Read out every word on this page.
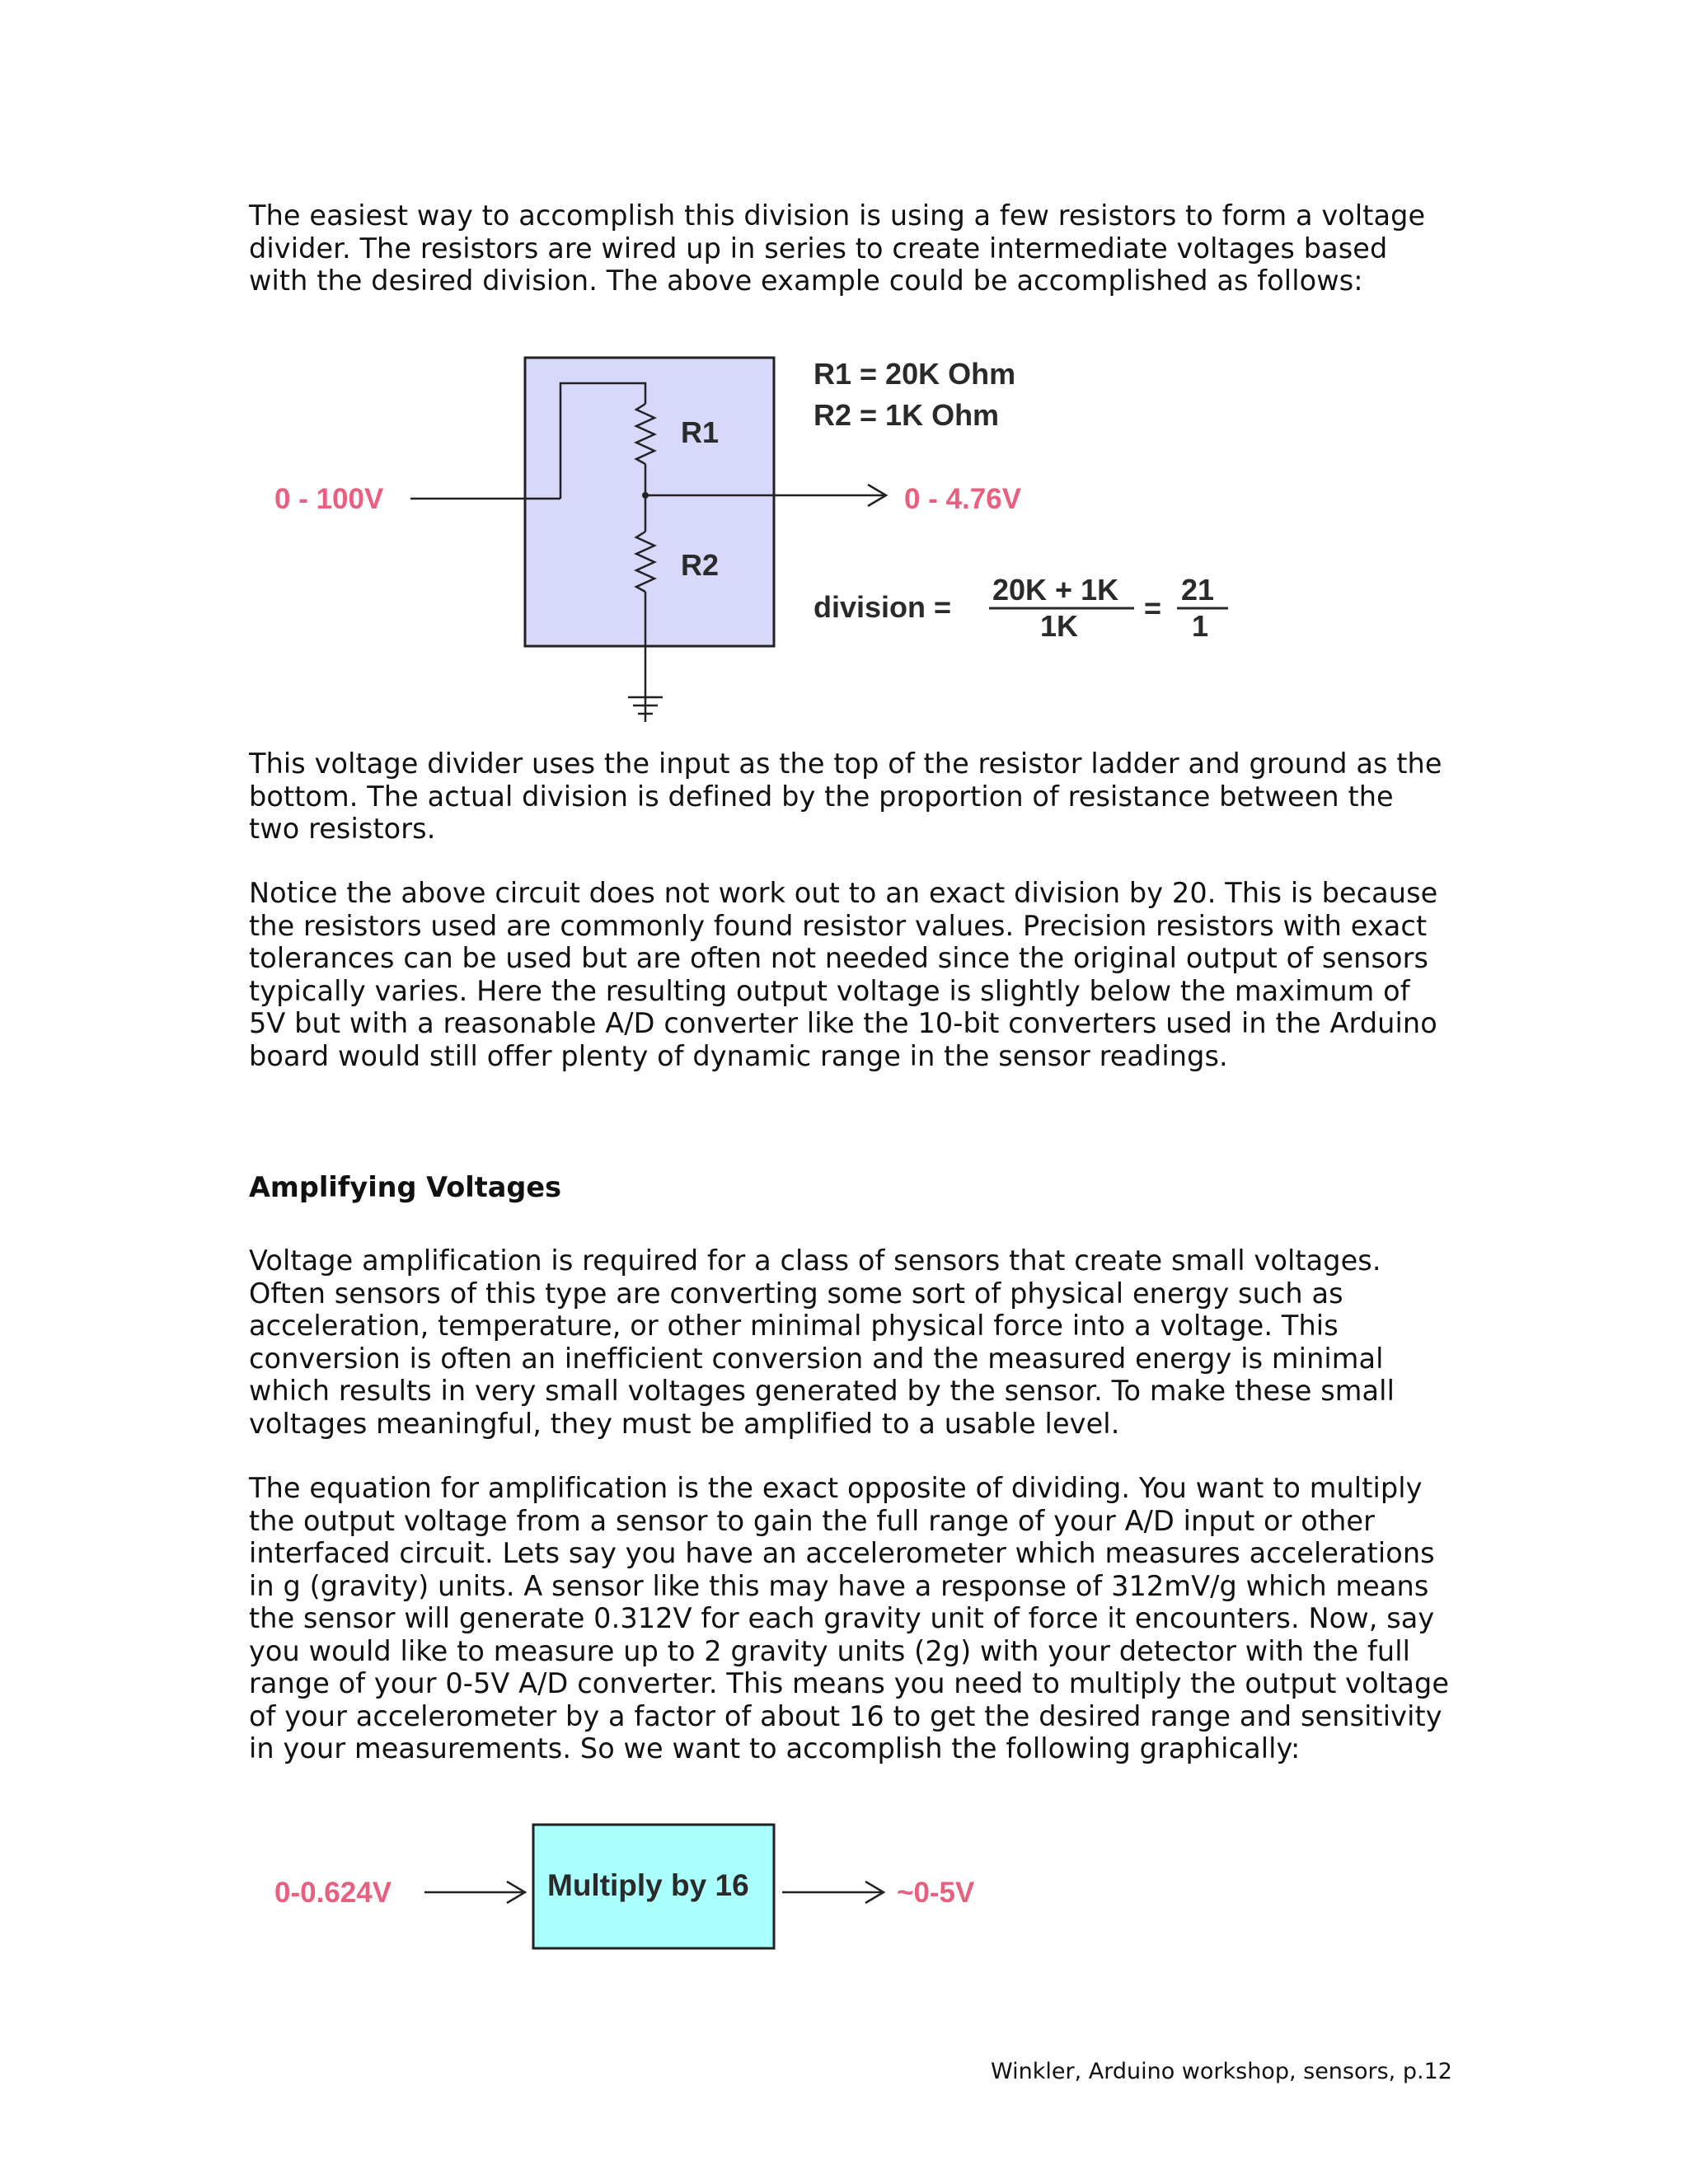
The easiest way to accomplish this division is using a few resistors to form a voltage divider. The resistors are wired up in series to create intermediate voltages based with the desired division. The above example could be accomplished as follows:

0 - 100V	0 - 4.76V
R1
R2
R1 = 20K Ohm
R2 = 1K Ohm
division =
20K + 1K
1K
=
21
1

This voltage divider uses the input as the top of the resistor ladder and ground as the bottom. The actual division is defined by the proportion of resistance between the two resistors.

Notice the above circuit does not work out to an exact division by 20. This is because the resistors used are commonly found resistor values. Precision resistors with exact tolerances can be used but are often not needed since the original output of sensors typically varies. Here the resulting output voltage is slightly below the maximum of 5V but with a reasonable A/D converter like the 10-bit converters used in the Arduino board would still offer plenty of dynamic range in the sensor readings.

Amplifying Voltages

Voltage amplification is required for a class of sensors that create small voltages. Often sensors of this type are converting some sort of physical energy such as acceleration, temperature, or other minimal physical force into a voltage. This conversion is often an inefficient conversion and the measured energy is minimal which results in very small voltages generated by the sensor. To make these small voltages meaningful, they must be amplified to a usable level.

The equation for amplification is the exact opposite of dividing. You want to multiply the output voltage from a sensor to gain the full range of your A/D input or other interfaced circuit. Lets say you have an accelerometer which measures accelerations in g (gravity) units. A sensor like this may have a response of 312mV/g which means the sensor will generate 0.312V for each gravity unit of force it encounters. Now, say you would like to measure up to 2 gravity units (2g) with your detector with the full range of your 0-5V A/D converter. This means you need to multiply the output voltage of your accelerometer by a factor of about 16 to get the desired range and sensitivity in your measurements. So we want to accomplish the following graphically:

0-0.624V	Multiply by 16	~0-5V
Winkler, Arduino workshop, sensors, p.12
